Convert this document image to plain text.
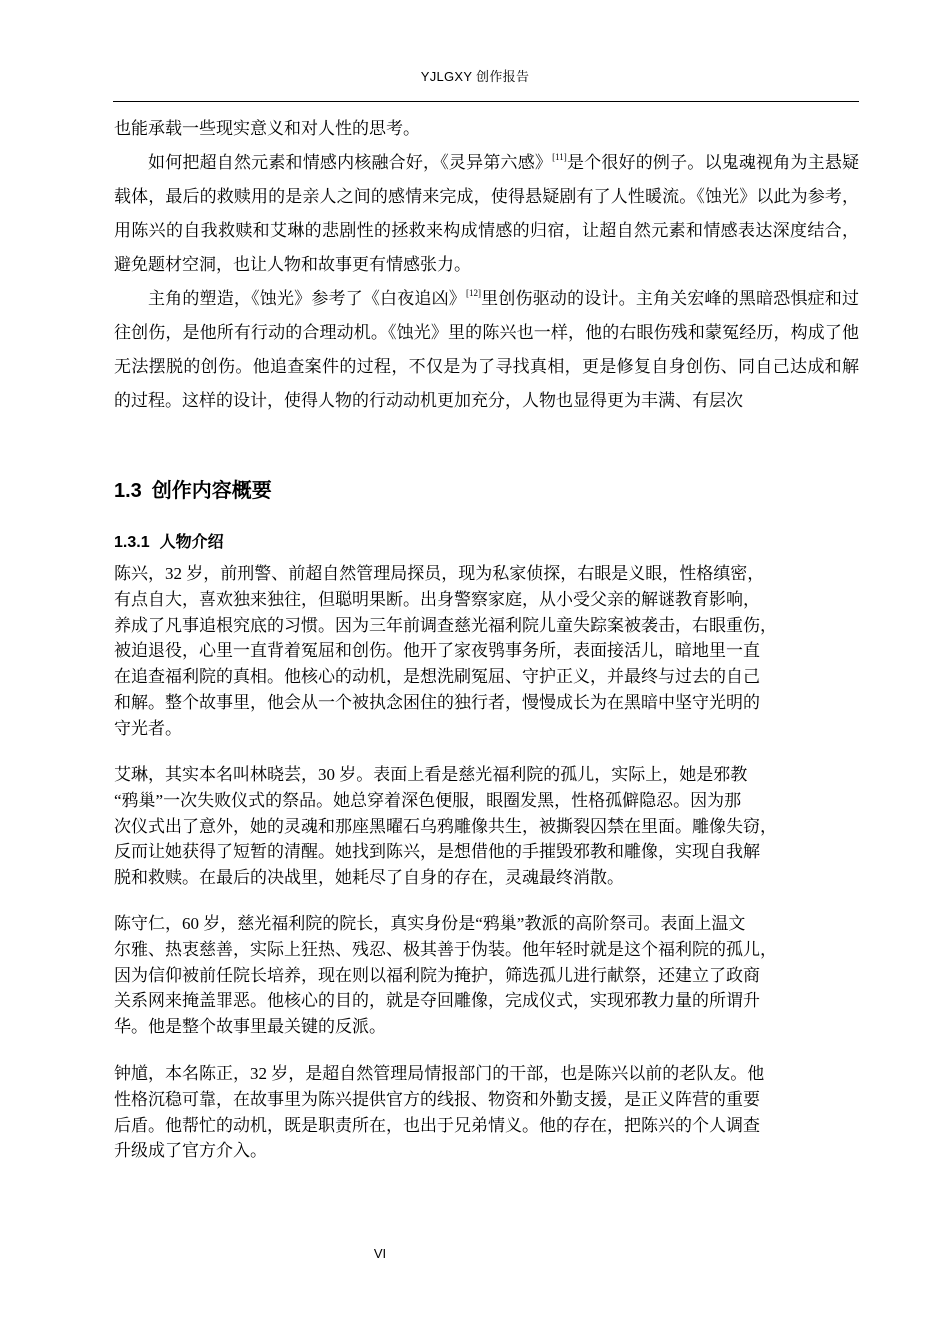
YJLGXY 创作报告

也能承载一些现实意义和对人性的思考。

如何把超自然元素和情感内核融合好，《灵异第六感》[11]是个很好的例子。以鬼魂视角为主悬疑载体，最后的救赎用的是亲人之间的感情来完成，使得悬疑剧有了人性暖流。《蚀光》以此为参考，用陈兴的自我救赎和艾琳的悲剧性的拯救来构成情感的归宿，让超自然元素和情感表达深度结合，避免题材空洞，也让人物和故事更有情感张力。

主角的塑造，《蚀光》参考了《白夜追凶》[12]里创伤驱动的设计。主角关宏峰的黑暗恐惧症和过往创伤，是他所有行动的合理动机。《蚀光》里的陈兴也一样，他的右眼伤残和蒙冤经历，构成了他无法摆脱的创伤。他追查案件的过程，不仅是为了寻找真相，更是修复自身创伤、同自己达成和解的过程。这样的设计，使得人物的行动动机更加充分，人物也显得更为丰满、有层次

1.3 创作内容概要
1.3.1 人物介绍
陈兴，32 岁，前刑警、前超自然管理局探员，现为私家侦探，右眼是义眼，性格缜密，
有点自大，喜欢独来独往，但聪明果断。出身警察家庭，从小受父亲的解谜教育影响，
养成了凡事追根究底的习惯。因为三年前调查慈光福利院儿童失踪案被袭击，右眼重伤，
被迫退役，心里一直背着冤屈和创伤。他开了家夜鸮事务所，表面接活儿，暗地里一直
在追查福利院的真相。他核心的动机，是想洗刷冤屈、守护正义，并最终与过去的自己
和解。整个故事里，他会从一个被执念困住的独行者，慢慢成长为在黑暗中坚守光明的
守光者。
艾琳，其实本名叫林晓芸，30 岁。表面上看是慈光福利院的孤儿，实际上，她是邪教
“鸦巢”一次失败仪式的祭品。她总穿着深色便服，眼圈发黑，性格孤僻隐忍。因为那
次仪式出了意外，她的灵魂和那座黑曜石乌鸦雕像共生，被撕裂囚禁在里面。雕像失窃，
反而让她获得了短暂的清醒。她找到陈兴，是想借他的手摧毁邪教和雕像，实现自我解
脱和救赎。在最后的决战里，她耗尽了自身的存在，灵魂最终消散。
陈守仁，60 岁，慈光福利院的院长，真实身份是“鸦巢”教派的高阶祭司。表面上温文
尔雅、热衷慈善，实际上狂热、残忍、极其善于伪装。他年轻时就是这个福利院的孤儿，
因为信仰被前任院长培养，现在则以福利院为掩护，筛选孤儿进行献祭，还建立了政商
关系网来掩盖罪恶。他核心的目的，就是夺回雕像，完成仪式，实现邪教力量的所谓升
华。他是整个故事里最关键的反派。
钟馗，本名陈正，32 岁，是超自然管理局情报部门的干部，也是陈兴以前的老队友。他
性格沉稳可靠，在故事里为陈兴提供官方的线报、物资和外勤支援，是正义阵营的重要
后盾。他帮忙的动机，既是职责所在，也出于兄弟情义。他的存在，把陈兴的个人调查
升级成了官方介入。
VI
